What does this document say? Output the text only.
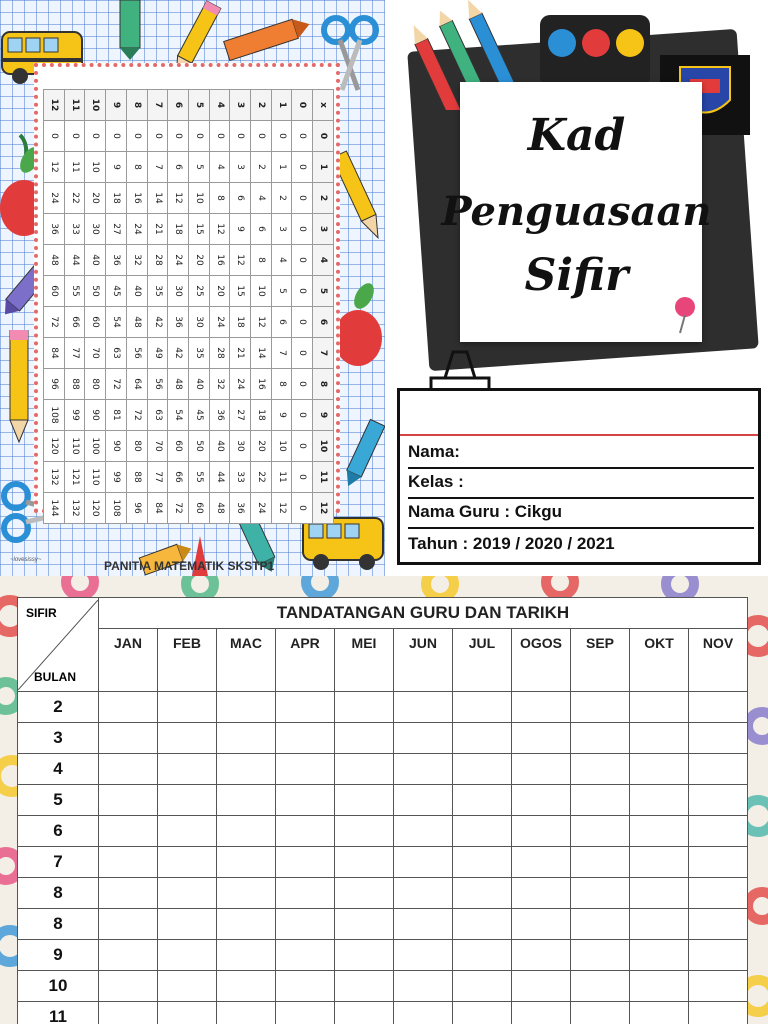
12	11	10	9	8	7	6	5	4	3	2	1	0	x

0	0	0	0	0	0	0	0	0	0	0	0	0	0

12	11	10	9	8	7	6	5	4	3	2	1	0	1

24	22	20	18	16	14	12	10	8	6	4	2	0	2

36	33	30	27	24	21	18	15	12	9	6	3	0	3

48	44	40	36	32	28	24	20	16	12	8	4	0	4

60	55	50	45	40	35	30	25	20	15	10	5	0	5

72	66	60	54	48	42	36	30	24	18	12	6	0	6

84	77	70	63	56	49	42	35	28	21	14	7	0	7

96	88	80	72	64	56	48	40	32	24	16	8	0	8

108	99	90	81	72	63	54	45	36	27	18	9	0	9

120	110	100	90	80	70	60	50	40	30	20	10	0	10

132	121	110	99	88	77	66	55	44	33	22	11	0	11

144	132	120	108	96	84	72	60	48	36	24	12	0	12
~lovesissy~	PANITIA MATEMATIK SKSTP1
Kad
Penguasaan
Sifir
Nama:
Kelas :
Nama Guru : Cikgu
Tahun : 2019 / 2020 / 2021
SIFIR
BULAN	TANDATANGAN GURU DAN TARIKH										
	JAN	FEB	MAC	APR	MEI	JUN	JUL	OGOS	SEP	OKT	NOV
2											
3											
4											
5											
6											
7											
8											
8											
9											
10											
11											
